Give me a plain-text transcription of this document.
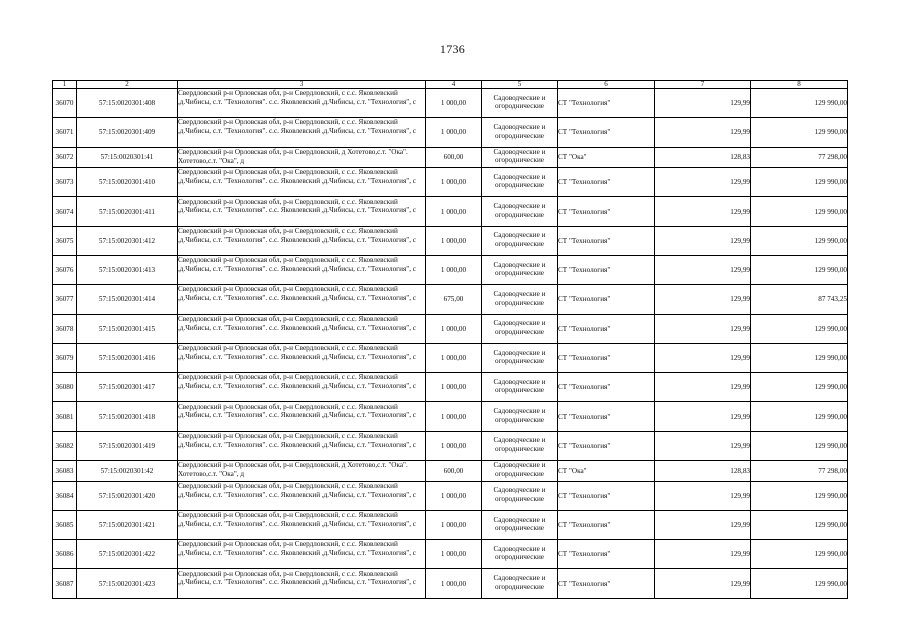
1736
1	2	3	4	5	6	7	8
36070	57:15:0020301:408	Свердловский р-н Орловская обл, р-н Свердловский, с с.с. Яковлевский ,д.Чибисы, с.т. "Технология". с.с. Яковлевский ,д.Чибисы, с.т. "Технология", с	1 000,00	Садоводческие и огороднические	СТ "Технология"	129,99	129 990,00
36071	57:15:0020301:409	Свердловский р-н Орловская обл, р-н Свердловский, с с.с. Яковлевский ,д.Чибисы, с.т. "Технология". с.с. Яковлевский ,д.Чибисы, с.т. "Технология", с	1 000,00	Садоводческие и огороднические	СТ "Технология"	129,99	129 990,00
36072	57:15:0020301:41	Свердловский р-н Орловская обл, р-н Свердловский, д Хотетово,с.т. "Ока". Хотетово,с.т. "Ока", д	600,00	Садоводческие и огороднические	СТ "Ока"	128,83	77 298,00
36073	57:15:0020301:410	Свердловский р-н Орловская обл, р-н Свердловский, с с.с. Яковлевский ,д.Чибисы, с.т. "Технология". с.с. Яковлевский ,д.Чибисы, с.т. "Технология", с	1 000,00	Садоводческие и огороднические	СТ "Технология"	129,99	129 990,00
36074	57:15:0020301:411	Свердловский р-н Орловская обл, р-н Свердловский, с с.с. Яковлевский ,д.Чибисы, с.т. "Технология". с.с. Яковлевский ,д.Чибисы, с.т. "Технология", с	1 000,00	Садоводческие и огороднические	СТ "Технология"	129,99	129 990,00
36075	57:15:0020301:412	Свердловский р-н Орловская обл, р-н Свердловский, с с.с. Яковлевский ,д.Чибисы, с.т. "Технология". с.с. Яковлевский ,д.Чибисы, с.т. "Технология", с	1 000,00	Садоводческие и огороднические	СТ "Технология"	129,99	129 990,00
36076	57:15:0020301:413	Свердловский р-н Орловская обл, р-н Свердловский, с с.с. Яковлевский ,д.Чибисы, с.т. "Технология". с.с. Яковлевский ,д.Чибисы, с.т. "Технология", с	1 000,00	Садоводческие и огороднические	СТ "Технология"	129,99	129 990,00
36077	57:15:0020301:414	Свердловский р-н Орловская обл, р-н Свердловский, с с.с. Яковлевский ,д.Чибисы, с.т. "Технология". с.с. Яковлевский ,д.Чибисы, с.т. "Технология", с	675,00	Садоводческие и огороднические	СТ "Технология"	129,99	87 743,25
36078	57:15:0020301:415	Свердловский р-н Орловская обл, р-н Свердловский, с с.с. Яковлевский ,д.Чибисы, с.т. "Технология". с.с. Яковлевский ,д.Чибисы, с.т. "Технология", с	1 000,00	Садоводческие и огороднические	СТ "Технология"	129,99	129 990,00
36079	57:15:0020301:416	Свердловский р-н Орловская обл, р-н Свердловский, с с.с. Яковлевский ,д.Чибисы, с.т. "Технология". с.с. Яковлевский ,д.Чибисы, с.т. "Технология", с	1 000,00	Садоводческие и огороднические	СТ "Технология"	129,99	129 990,00
36080	57:15:0020301:417	Свердловский р-н Орловская обл, р-н Свердловский, с с.с. Яковлевский ,д.Чибисы, с.т. "Технология". с.с. Яковлевский ,д.Чибисы, с.т. "Технология", с	1 000,00	Садоводческие и огороднические	СТ "Технология"	129,99	129 990,00
36081	57:15:0020301:418	Свердловский р-н Орловская обл, р-н Свердловский, с с.с. Яковлевский ,д.Чибисы, с.т. "Технология". с.с. Яковлевский ,д.Чибисы, с.т. "Технология", с	1 000,00	Садоводческие и огороднические	СТ "Технология"	129,99	129 990,00
36082	57:15:0020301:419	Свердловский р-н Орловская обл, р-н Свердловский, с с.с. Яковлевский ,д.Чибисы, с.т. "Технология". с.с. Яковлевский ,д.Чибисы, с.т. "Технология", с	1 000,00	Садоводческие и огороднические	СТ "Технология"	129,99	129 990,00
36083	57:15:0020301:42	Свердловский р-н Орловская обл, р-н Свердловский, д Хотетово,с.т. "Ока". Хотетово,с.т. "Ока", д	600,00	Садоводческие и огороднические	СТ "Ока"	128,83	77 298,00
36084	57:15:0020301:420	Свердловский р-н Орловская обл, р-н Свердловский, с с.с. Яковлевский ,д.Чибисы, с.т. "Технология". с.с. Яковлевский ,д.Чибисы, с.т. "Технология", с	1 000,00	Садоводческие и огороднические	СТ "Технология"	129,99	129 990,00
36085	57:15:0020301:421	Свердловский р-н Орловская обл, р-н Свердловский, с с.с. Яковлевский ,д.Чибисы, с.т. "Технология". с.с. Яковлевский ,д.Чибисы, с.т. "Технология", с	1 000,00	Садоводческие и огороднические	СТ "Технология"	129,99	129 990,00
36086	57:15:0020301:422	Свердловский р-н Орловская обл, р-н Свердловский, с с.с. Яковлевский ,д.Чибисы, с.т. "Технология". с.с. Яковлевский ,д.Чибисы, с.т. "Технология", с	1 000,00	Садоводческие и огороднические	СТ "Технология"	129,99	129 990,00
36087	57:15:0020301:423	Свердловский р-н Орловская обл, р-н Свердловский, с с.с. Яковлевский ,д.Чибисы, с.т. "Технология". с.с. Яковлевский ,д.Чибисы, с.т. "Технология", с	1 000,00	Садоводческие и огороднические	СТ "Технология"	129,99	129 990,00
